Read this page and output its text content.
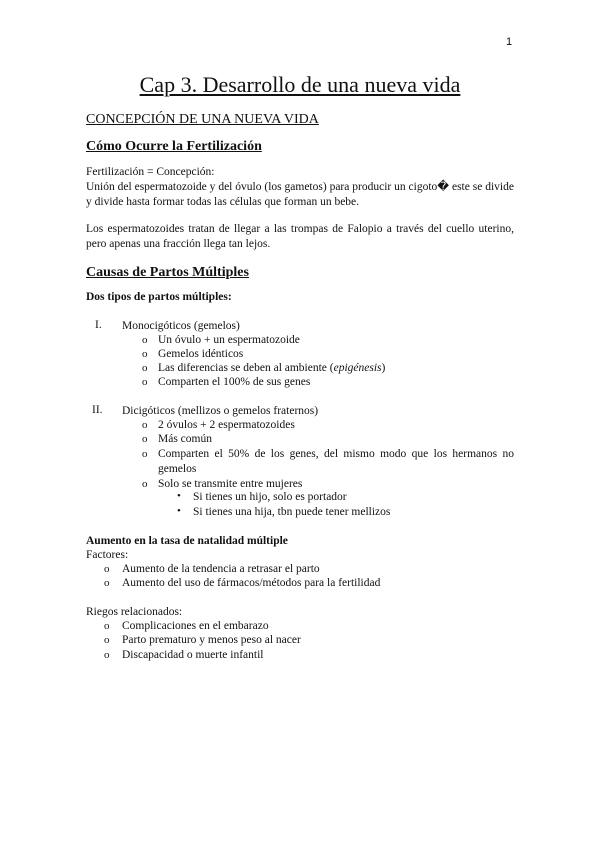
1
Cap 3. Desarrollo de una nueva vida
CONCEPCIÓN DE UNA NUEVA VIDA
Cómo Ocurre la Fertilización
Fertilización = Concepción:
Unión del espermatozoide y del óvulo (los gametos) para producir un cigoto� este se divide y divide hasta formar todas las células que forman un bebe.
Los espermatozoides tratan de llegar a las trompas de Falopio a través del cuello uterino, pero apenas una fracción llega tan lejos.
Causas de Partos Múltiples
Dos tipos de partos múltiples:
I. Monocigóticos (gemelos)
o Un óvulo + un espermatozoide
o Gemelos idénticos
o Las diferencias se deben al ambiente (epigénesis)
o Comparten el 100% de sus genes
II. Dicigóticos (mellizos o gemelos fraternos)
o 2 óvulos + 2 espermatozoides
o Más común
o Comparten el 50% de los genes, del mismo modo que los hermanos no gemelos
o Solo se transmite entre mujeres
• Si tienes un hijo, solo es portador
• Si tienes una hija, tbn puede tener mellizos
Aumento en la tasa de natalidad múltiple
Factores:
o Aumento de la tendencia a retrasar el parto
o Aumento del uso de fármacos/métodos para la fertilidad
Riegos relacionados:
o Complicaciones en el embarazo
o Parto prematuro y menos peso al nacer
o Discapacidad o muerte infantil
